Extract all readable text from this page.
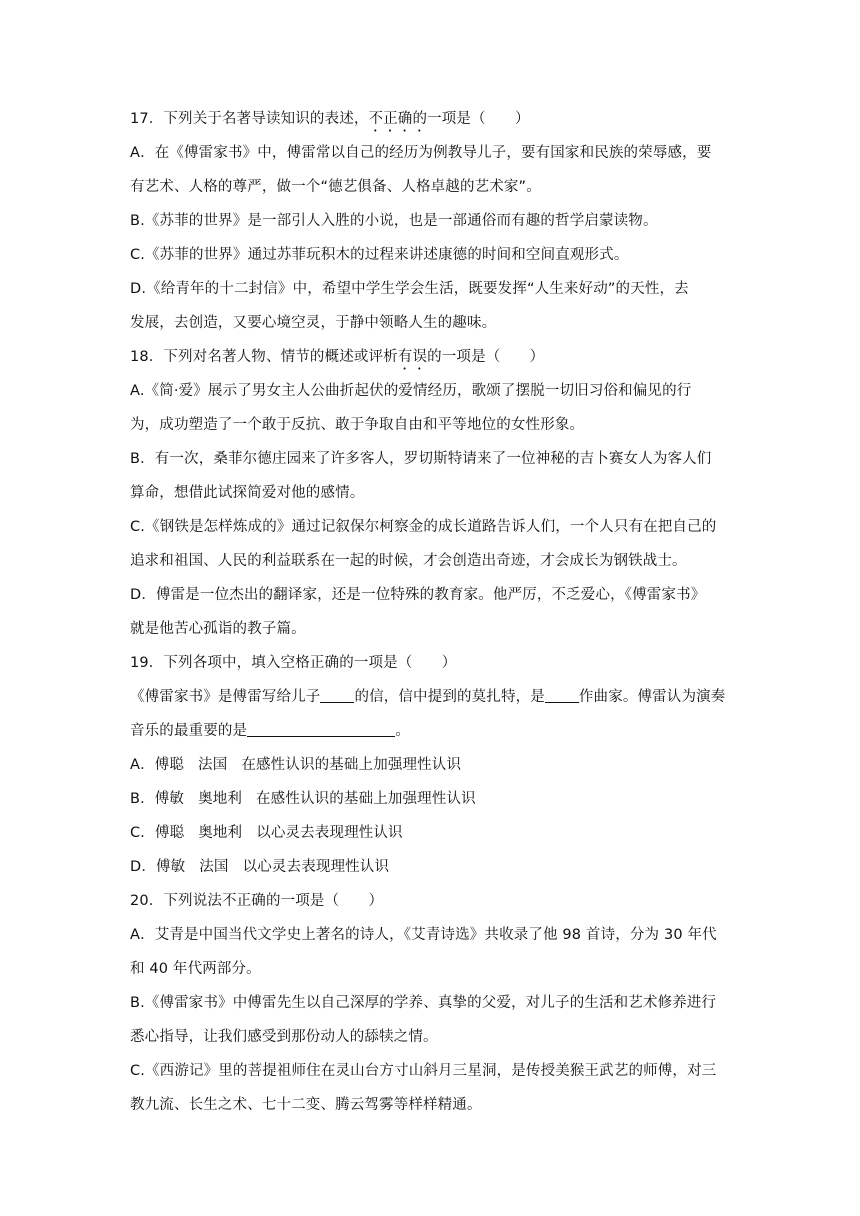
17．下列关于名著导读知识的表述，不正确的一项是（　　）
A．在《傅雷家书》中，傅雷常以自己的经历为例教导儿子，要有国家和民族的荣辱感，要
有艺术、人格的尊严，做一个“德艺俱备、人格卓越的艺术家”。
B.《苏菲的世界》是一部引人入胜的小说，也是一部通俗而有趣的哲学启蒙读物。
C.《苏菲的世界》通过苏菲玩积木的过程来讲述康德的时间和空间直观形式。
D.《给青年的十二封信》中，希望中学生学会生活，既要发挥“人生来好动”的天性，去
发展，去创造，又要心境空灵，于静中领略人生的趣味。
18．下列对名著人物、情节的概述或评析有误的一项是（　　）
A.《简·爱》展示了男女主人公曲折起伏的爱情经历，歌颂了摆脱一切旧习俗和偏见的行
为，成功塑造了一个敢于反抗、敢于争取自由和平等地位的女性形象。
B．有一次，桑菲尔德庄园来了许多客人，罗切斯特请来了一位神秘的吉卜赛女人为客人们
算命，想借此试探简爱对他的感情。
C.《钢铁是怎样炼成的》通过记叙保尔柯察金的成长道路告诉人们，一个人只有在把自己的
追求和祖国、人民的利益联系在一起的时候，才会创造出奇迹，才会成长为钢铁战士。
D．傅雷是一位杰出的翻译家，还是一位特殊的教育家。他严厉，不乏爱心，《傅雷家书》
就是他苦心孤诣的教子篇。
19．下列各项中，填入空格正确的一项是（　　）
《傅雷家书》是傅雷写给儿子 的信，信中提到的莫扎特，是 作曲家。傅雷认为演奏
音乐的最重要的是	。
A．傅聪 法国 在感性认识的基础上加强理性认识
B．傅敏 奥地利 在感性认识的基础上加强理性认识
C．傅聪 奥地利 以心灵去表现理性认识
D．傅敏 法国 以心灵去表现理性认识
20．下列说法不正确的一项是（　　）
A．艾青是中国当代文学史上著名的诗人，《艾青诗选》共收录了他 98 首诗，分为 30 年代
和 40 年代两部分。
B.《傅雷家书》中傅雷先生以自己深厚的学养、真挚的父爱，对儿子的生活和艺术修养进行
悉心指导，让我们感受到那份动人的舔犊之情。
C.《西游记》里的菩提祖师住在灵山台方寸山斜月三星洞，是传授美猴王武艺的师傅，对三
教九流、长生之术、七十二变、腾云驾雾等样样精通。
